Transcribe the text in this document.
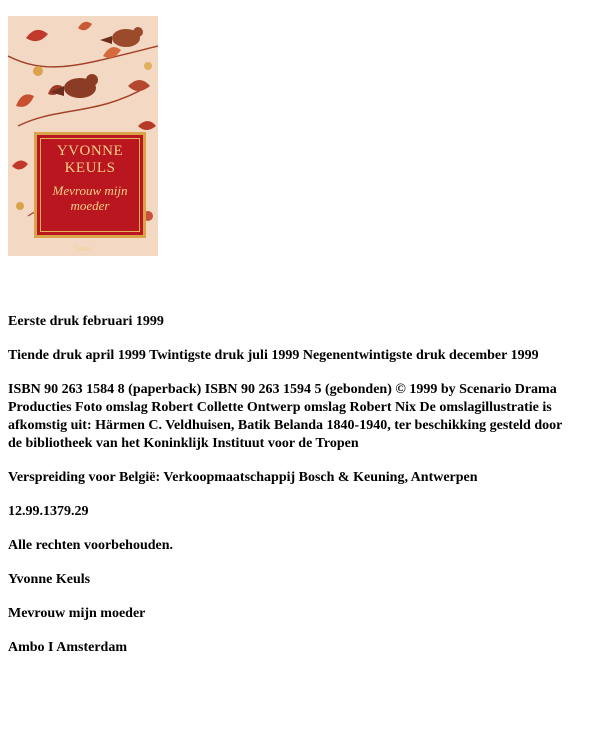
YVONNE KEULS
Mevrouw mijn moeder
Ambo

Eerste druk februari 1999

Tiende druk april 1999 Twintigste druk juli 1999 Negenentwintigste druk december 1999

ISBN 90 263 1584 8 (paperback) ISBN 90 263 1594 5 (gebonden) © 1999 by Scenario Drama Producties Foto omslag Robert Collette Ontwerp omslag Robert Nix De omslagillustratie is afkomstig uit: Härmen C. Veldhuisen, Batik Belanda 1840-1940, ter beschikking gesteld door de bibliotheek van het Koninklijk Instituut voor de Tropen

Verspreiding voor België: Verkoopmaatschappij Bosch & Keuning, Antwerpen

12.99.1379.29

Alle rechten voorbehouden.

Yvonne Keuls

Mevrouw mijn moeder

Ambo I Amsterdam
